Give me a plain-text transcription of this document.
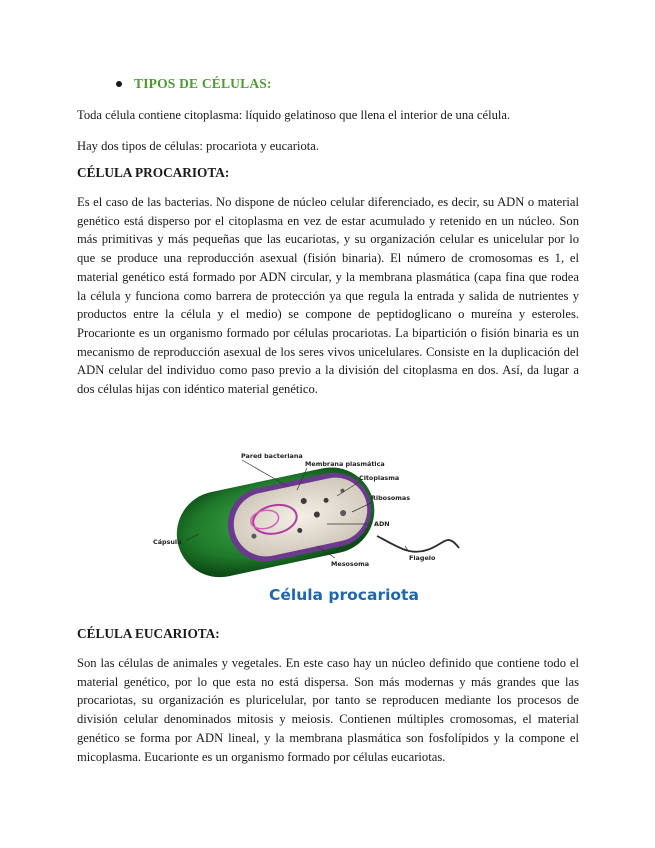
TIPOS DE CÉLULAS:

Toda célula contiene citoplasma: líquido gelatinoso que llena el interior de una célula.

Hay dos tipos de células: procariota y eucariota.

CÉLULA PROCARIOTA:

Es el caso de las bacterias. No dispone de núcleo celular diferenciado, es decir, su ADN o material genético está disperso por el citoplasma en vez de estar acumulado y retenido en un núcleo. Son más primitivas y más pequeñas que las eucariotas, y su organización celular es unicelular por lo que se produce una reproducción asexual (fisión binaria). El número de cromosomas es 1, el material genético está formado por ADN circular, y la membrana plasmática (capa fina que rodea la célula y funciona como barrera de protección ya que regula la entrada y salida de nutrientes y productos entre la célula y el medio) se compone de peptidoglicano o mureína y esteroles. Procarionte es un organismo formado por células procariotas. La bipartición o fisión binaria es un mecanismo de reproducción asexual de los seres vivos unicelulares. Consiste en la duplicación del ADN celular del individuo como paso previo a la división del citoplasma en dos. Así, da lugar a dos células hijas con idéntico material genético.

Pared bacteriana
Membrana plasmática
Citoplasma
Ribosomas
ADN
Flagelo
Mesosoma
Cápsula
Célula procariota
CÉLULA EUCARIOTA:

Son las células de animales y vegetales. En este caso hay un núcleo definido que contiene todo el material genético, por lo que esta no está dispersa. Son más modernas y más grandes que las procariotas, su organización es pluricelular, por tanto se reproducen mediante los procesos de división celular denominados mitosis y meiosis. Contienen múltiples cromosomas, el material genético se forma por ADN lineal, y la membrana plasmática son fosfolípidos y la compone el micoplasma. Eucarionte es un organismo formado por células eucariotas.
